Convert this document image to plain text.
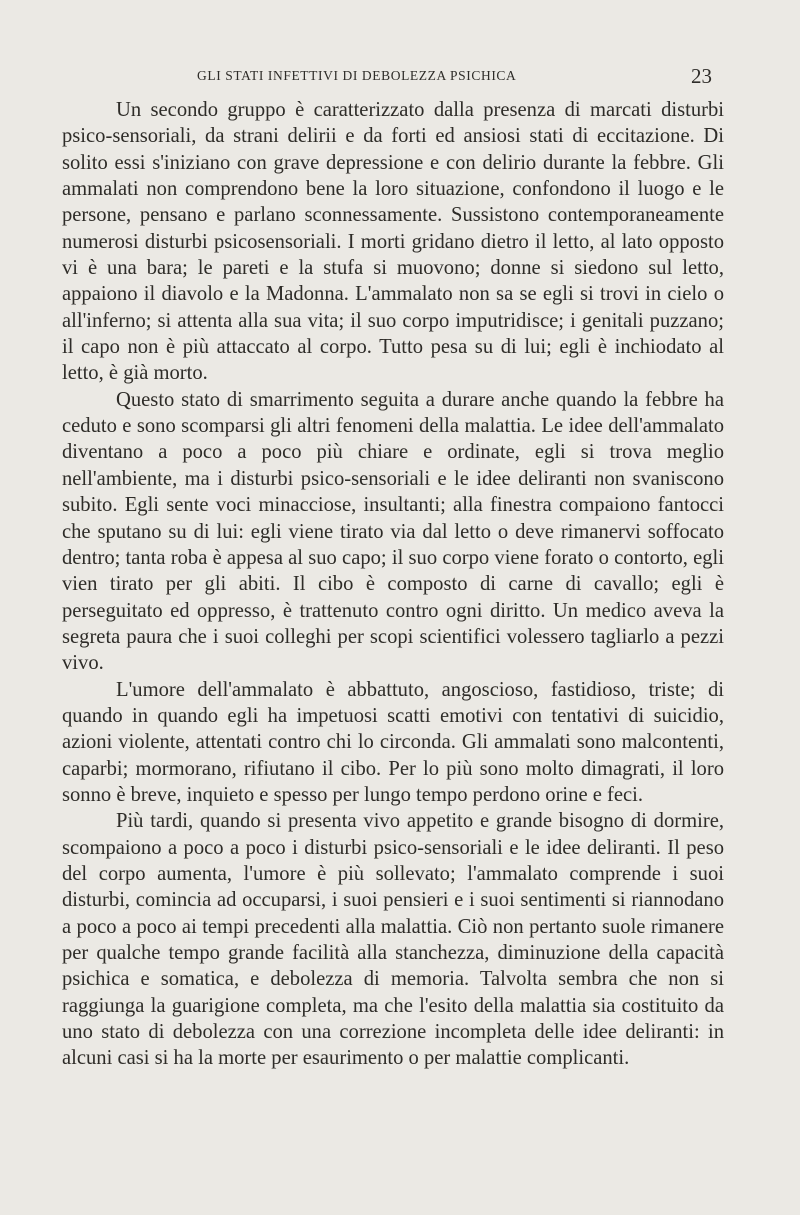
GLI STATI INFETTIVI DI DEBOLEZZA PSICHICA	23

Un secondo gruppo è caratterizzato dalla presenza di marcati disturbi psico-sensoriali, da strani delirii e da forti ed ansiosi stati di eccitazione. Di solito essi s'iniziano con grave depressione e con delirio durante la febbre. Gli ammalati non comprendono bene la loro situazione, confondono il luogo e le persone, pensano e parlano sconnessamente. Sussistono contemporaneamente numerosi disturbi psicosensoriali. I morti gridano dietro il letto, al lato opposto vi è una bara; le pareti e la stufa si muovono; donne si siedono sul letto, appaiono il diavolo e la Madonna. L'ammalato non sa se egli si trovi in cielo o all'inferno; si attenta alla sua vita; il suo corpo imputridisce; i genitali puzzano; il capo non è più attaccato al corpo. Tutto pesa su di lui; egli è inchiodato al letto, è già morto.

Questo stato di smarrimento seguita a durare anche quando la febbre ha ceduto e sono scomparsi gli altri fenomeni della malattia. Le idee dell'ammalato diventano a poco a poco più chiare e ordinate, egli si trova meglio nell'ambiente, ma i disturbi psico-sensoriali e le idee deliranti non svaniscono subito. Egli sente voci minacciose, insultanti; alla finestra compaiono fantocci che sputano su di lui: egli viene tirato via dal letto o deve rimanervi soffocato dentro; tanta roba è appesa al suo capo; il suo corpo viene forato o contorto, egli vien tirato per gli abiti. Il cibo è composto di carne di cavallo; egli è perseguitato ed oppresso, è trattenuto contro ogni diritto. Un medico aveva la segreta paura che i suoi colleghi per scopi scientifici volessero tagliarlo a pezzi vivo.

L'umore dell'ammalato è abbattuto, angoscioso, fastidioso, triste; di quando in quando egli ha impetuosi scatti emotivi con tentativi di suicidio, azioni violente, attentati contro chi lo circonda. Gli ammalati sono malcontenti, caparbi; mormorano, rifiutano il cibo. Per lo più sono molto dimagrati, il loro sonno è breve, inquieto e spesso per lungo tempo perdono orine e feci.

Più tardi, quando si presenta vivo appetito e grande bisogno di dormire, scompaiono a poco a poco i disturbi psico-sensoriali e le idee deliranti. Il peso del corpo aumenta, l'umore è più sollevato; l'ammalato comprende i suoi disturbi, comincia ad occuparsi, i suoi pensieri e i suoi sentimenti si riannodano a poco a poco ai tempi precedenti alla malattia. Ciò non pertanto suole rimanere per qualche tempo grande facilità alla stanchezza, diminuzione della capacità psichica e somatica, e debolezza di memoria. Talvolta sembra che non si raggiunga la guarigione completa, ma che l'esito della malattia sia costituito da uno stato di debolezza con una correzione incompleta delle idee deliranti: in alcuni casi si ha la morte per esaurimento o per malattie complicanti.
